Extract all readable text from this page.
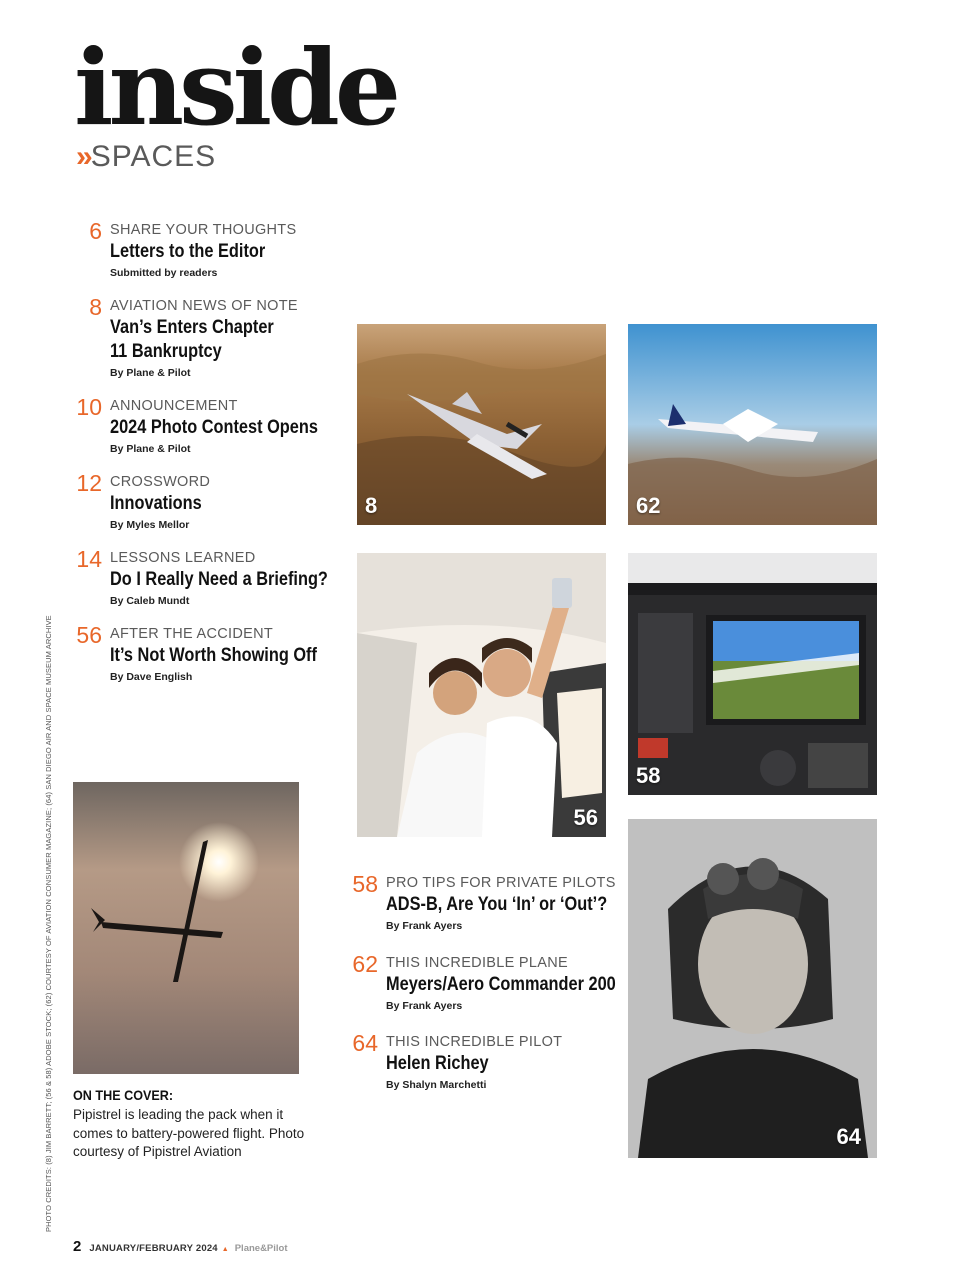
inside
» SPACES
6 SHARE YOUR THOUGHTS
Letters to the Editor
Submitted by readers
8 AVIATION NEWS OF NOTE
Van’s Enters Chapter
11 Bankruptcy
By Plane & Pilot
10 ANNOUNCEMENT
2024 Photo Contest Opens
By Plane & Pilot
12 CROSSWORD
Innovations
By Myles Mellor
14 LESSONS LEARNED
Do I Really Need a Briefing?
By Caleb Mundt
56 AFTER THE ACCIDENT
It’s Not Worth Showing Off
By Dave English
58 PRO TIPS FOR PRIVATE PILOTS
ADS-B, Are You ‘In’ or ‘Out’?
By Frank Ayers
62 THIS INCREDIBLE PLANE
Meyers/Aero Commander 200
By Frank Ayers
64 THIS INCREDIBLE PILOT
Helen Richey
By Shalyn Marchetti
8	62
56
58
64
ON THE COVER:
Pipistrel is leading the pack when it comes to battery-powered flight. Photo courtesy of Pipistrel Aviation
PHOTO CREDITS: (8) JIM BARRETT; (56 & 58) ADOBE STOCK; (62) COURTESY OF AVIATION CONSUMER MAGAZINE; (64) SAN DIEGO AIR AND SPACE MUSEUM ARCHIVE
2 JANUARY/FEBRUARY 2024 ▲ Plane&Pilot
